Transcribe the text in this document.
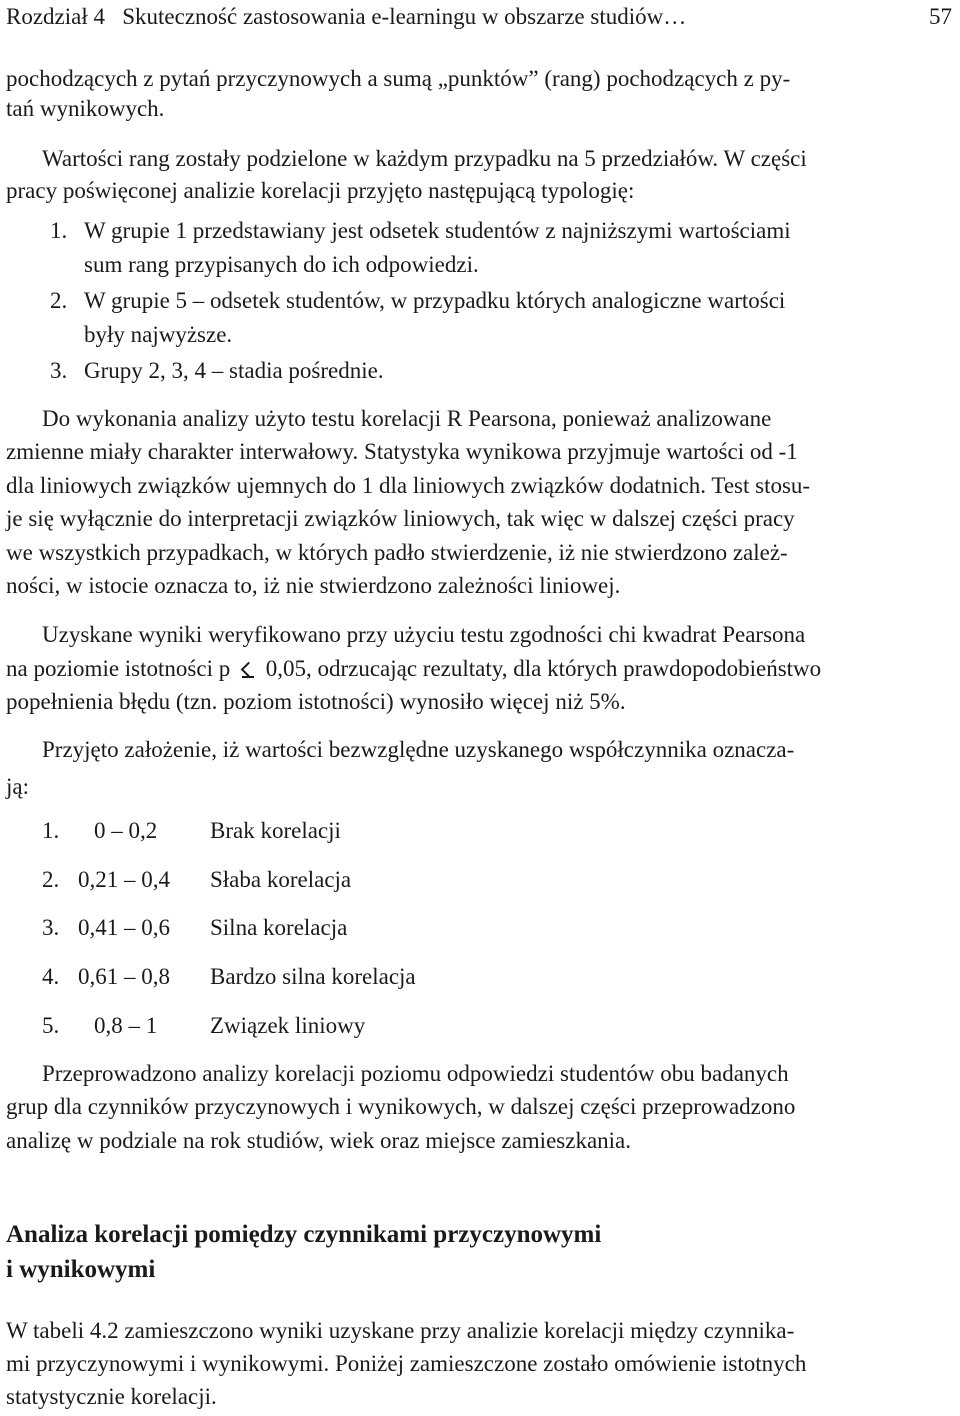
Rozdział 4   Skuteczność zastosowania e-learningu w obszarze studiów…	57
pochodzących z pytań przyczynowych a sumą „punktów” (rang) pochodzących z py-
tań wynikowych.
Wartości rang zostały podzielone w każdym przypadku na 5 przedziałów. W części
pracy poświęconej analizie korelacji przyjęto następującą typologię:
1. W grupie 1 przedstawiany jest odsetek studentów z najniższymi wartościami
sum rang przypisanych do ich odpowiedzi.
2. W grupie 5 – odsetek studentów, w przypadku których analogiczne wartości
były najwyższe.
3. Grupy 2, 3, 4 – stadia pośrednie.
Do wykonania analizy użyto testu korelacji R Pearsona, ponieważ analizowane
zmienne miały charakter interwałowy. Statystyka wynikowa przyjmuje wartości od -1
dla liniowych związków ujemnych do 1 dla liniowych związków dodatnich. Test stosu-
je się wyłącznie do interpretacji związków liniowych, tak więc w dalszej części pracy
we wszystkich przypadkach, w których padło stwierdzenie, iż nie stwierdzono zależ-
ności, w istocie oznacza to, iż nie stwierdzono zależności liniowej.
Uzyskane wyniki weryfikowano przy użyciu testu zgodności chi kwadrat Pearsona
na poziomie istotności p 0,05, odrzucając rezultaty, dla których prawdopodobieństwo
popełnienia błędu (tzn. poziom istotności) wynosiło więcej niż 5%.
Przyjęto założenie, iż wartości bezwzględne uzyskanego współczynnika oznacza-
ją:
1. 0 – 0,2 Brak korelacji
2. 0,21 – 0,4 Słaba korelacja
3. 0,41 – 0,6 Silna korelacja
4. 0,61 – 0,8 Bardzo silna korelacja
5. 0,8 – 1 Związek liniowy
Przeprowadzono analizy korelacji poziomu odpowiedzi studentów obu badanych
grup dla czynników przyczynowych i wynikowych, w dalszej części przeprowadzono
analizę w podziale na rok studiów, wiek oraz miejsce zamieszkania.
Analiza korelacji pomiędzy czynnikami przyczynowymi
i wynikowymi
W tabeli 4.2 zamieszczono wyniki uzyskane przy analizie korelacji między czynnika-
mi przyczynowymi i wynikowymi. Poniżej zamieszczone zostało omówienie istotnych
statystycznie korelacji.
